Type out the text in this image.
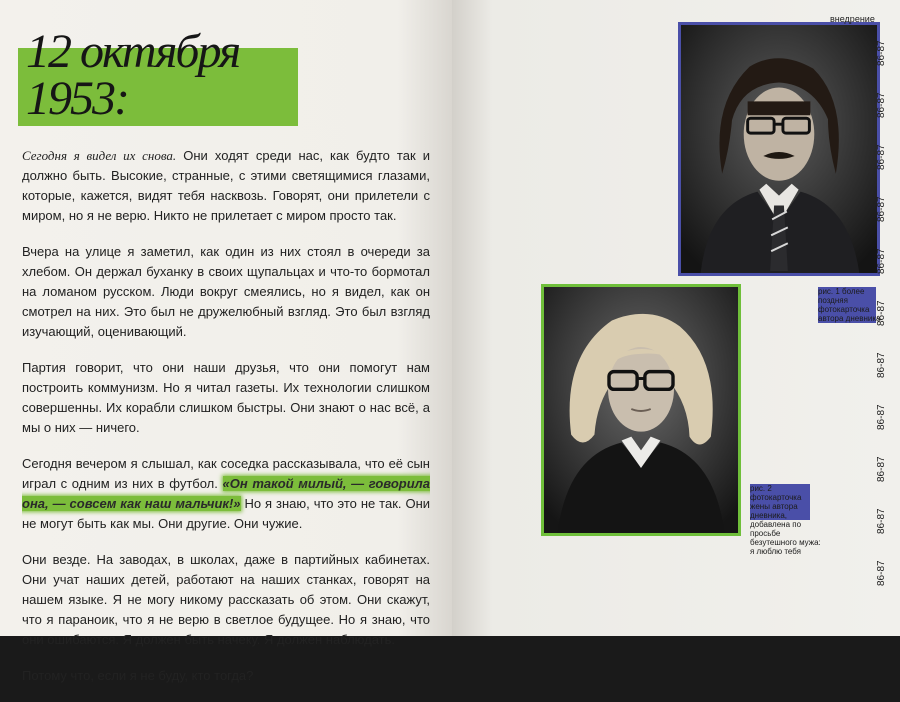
12 октября 1953:

Сегодня я видел их снова. Они ходят среди нас, как будто так и должно быть. Высокие, странные, с этими светящимися глазами, которые, кажется, видят тебя насквозь. Говорят, они прилетели с миром, но я не верю. Никто не прилетает с миром просто так.

Вчера на улице я заметил, как один из них стоял в очереди за хлебом. Он держал буханку в своих щупальцах и что-то бормотал на ломаном русском. Люди вокруг смеялись, но я видел, как он смотрел на них. Это был не дружелюбный взгляд. Это был взгляд изучающий, оценивающий.

Партия говорит, что они наши друзья, что они помогут нам построить коммунизм. Но я читал газеты. Их технологии слишком совершенны. Их корабли слишком быстры. Они знают о нас всё, а мы о них — ничего.

Сегодня вечером я слышал, как соседка рассказывала, что её сын играл с одним из них в футбол. «Он такой милый, — говорила она, — совсем как наш мальчик!» Но я знаю, что это не так. Они не могут быть как мы. Они другие. Они чужие.

Они везде. На заводах, в школах, даже в партийных кабинетах. Они учат наших детей, работают на наших станках, говорят на нашем языке. Я не могу никому рассказать об этом. Они скажут, что я параноик, что я не верю в светлое будущее. Но я знаю, что они ошибаются. Я должен быть начеку. Я должен наблюдать.

Потому что, если я не буду, кто тогда?

рис. 1 более поздняя фотокарточка автора дневника
рис. 2 фотокарточка жены автора дневника, добавлена по просьбе безутешного мужа: я люблю тебя
внедрение
86-87
86-87
86-87
86-87
86-87
86-87
86-87
86-87
86-87
86-87
86-87
